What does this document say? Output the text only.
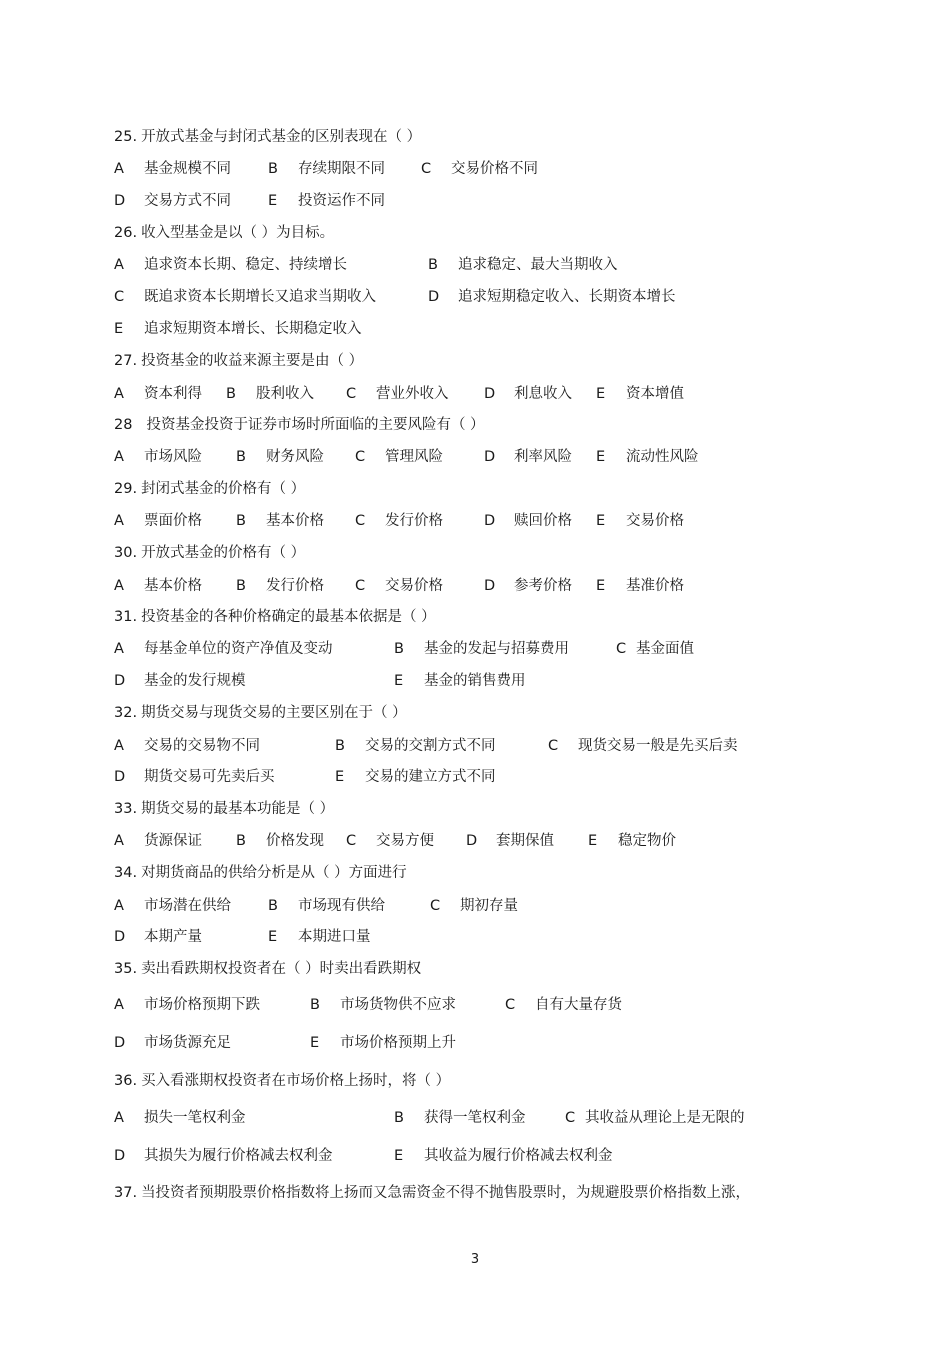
25. 开放式基金与封闭式基金的区别表现在（ ）
A 基金规模不同	B 存续期限不同 C 交易价格不同
D 交易方式不同	E 投资运作不同
26. 收入型基金是以（ ）为目标。
A 追求资本长期、稳定、持续增长	B 追求稳定、最大当期收入
C 既追求资本长期增长又追求当期收入	D 追求短期稳定收入、长期资本增长
E 追求短期资本增长、长期稳定收入
27. 投资基金的收益来源主要是由（ ）
A 资本利得 B 股利收入 C 营业外收入 D 利息收入 E 资本增值
28 投资基金投资于证券市场时所面临的主要风险有（ ）
A 市场风险 B 财务风险 C 管理风险	D 利率风险 E 流动性风险
29. 封闭式基金的价格有（ ）
A 票面价格 B 基本价格 C 发行价格	D 赎回价格 E 交易价格
30. 开放式基金的价格有（ ）
A 基本价格 B 发行价格 C 交易价格	D 参考价格 E 基准价格
31. 投资基金的各种价格确定的最基本依据是（ ）
A 每基金单位的资产净值及变动	B 基金的发起与招募费用	C 基金面值
D 基金的发行规模	E 基金的销售费用
32. 期货交易与现货交易的主要区别在于（ ）
A 交易的交易物不同	B 交易的交割方式不同	C 现货交易一般是先买后卖
D 期货交易可先卖后买	E 交易的建立方式不同
33. 期货交易的最基本功能是（ ）
A 货源保证 B 价格发现 C 交易方便 D 套期保值 E 稳定物价
34. 对期货商品的供给分析是从（ ）方面进行
A 市场潜在供给	B 市场现有供给	C 期初存量
D 本期产量	E 本期进口量
35. 卖出看跌期权投资者在（ ）时卖出看跌期权
A 市场价格预期下跌	B 市场货物供不应求	C 自有大量存货
D 市场货源充足	E 市场价格预期上升
36. 买入看涨期权投资者在市场价格上扬时，将（ ）
A 损失一笔权利金	B 获得一笔权利金	C 其收益从理论上是无限的
D 其损失为履行价格减去权利金	E 其收益为履行价格减去权利金
37. 当投资者预期股票价格指数将上扬而又急需资金不得不抛售股票时，为规避股票价格指数上涨，
3
